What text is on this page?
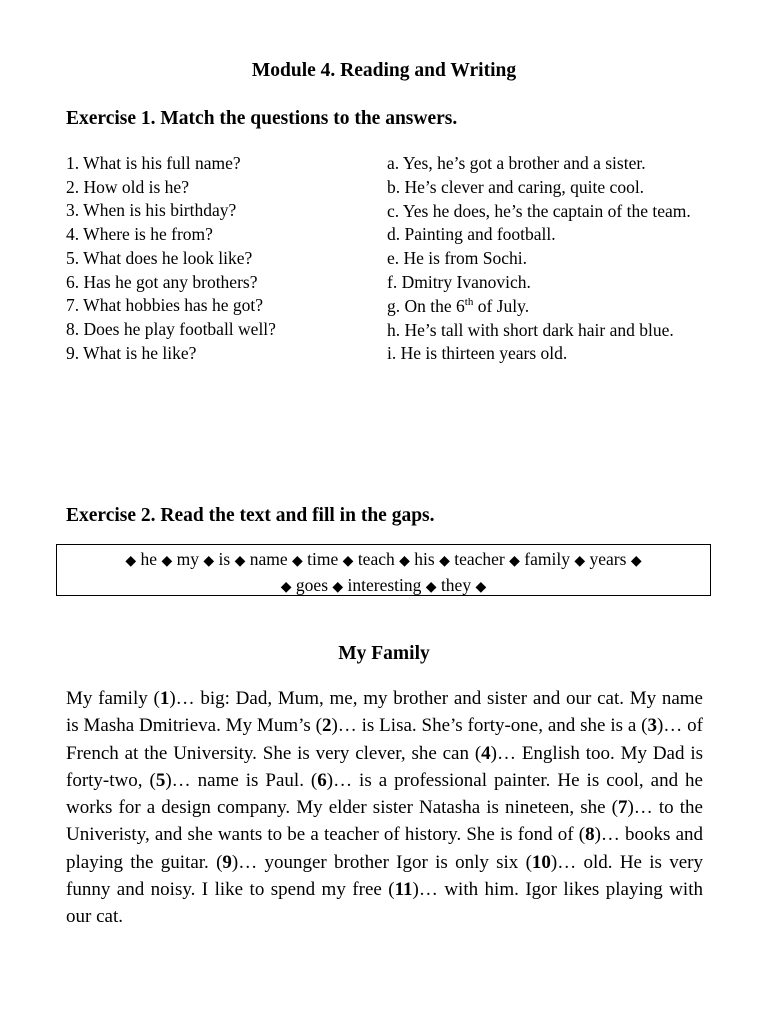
Module 4. Reading and Writing
Exercise 1. Match the questions to the answers.
1. What is his full name?
2. How old is he?
3. When is his birthday?
4. Where is he from?
5. What does he look like?
6. Has he got any brothers?
7. What hobbies has he got?
8. Does he play football well?
9. What is he like?
a. Yes, he’s got a brother and a sister.
b. He’s clever and caring, quite cool.
c. Yes he does, he’s the captain of the team.
d. Painting and football.
e. He is from Sochi.
f. Dmitry Ivanovich.
g. On the 6th of July.
h. He’s tall with short dark hair and blue.
i. He is thirteen years old.
Exercise 2. Read the text and fill in the gaps.
◆ he ◆ my ◆ is ◆ name ◆ time ◆ teach ◆ his ◆ teacher ◆ family ◆ years ◆
◆ goes ◆ interesting ◆ they ◆
My Family

My family (1)… big: Dad, Mum, me, my brother and sister and our cat. My name is Masha Dmitrieva. My Mum’s (2)… is Lisa. She’s forty-one, and she is a (3)… of French at the University. She is very clever, she can (4)… English too. My Dad is forty-two, (5)… name is Paul. (6)… is a professional painter. He is cool, and he works for a design company. My elder sister Natasha is nineteen, she (7)… to the Univeristy, and she wants to be a teacher of history. She is fond of (8)… books and playing the guitar. (9)… younger brother Igor is only six (10)… old. He is very funny and noisy. I like to spend my free (11)… with him. Igor likes playing with our cat.
